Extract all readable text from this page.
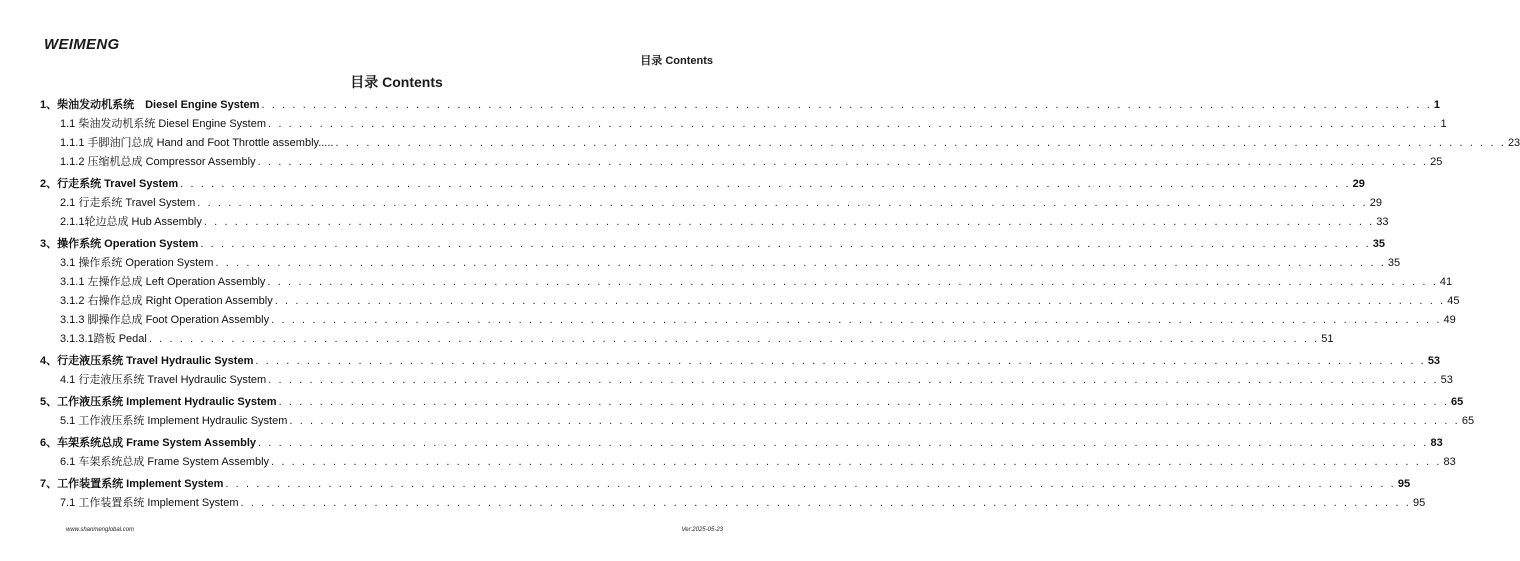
WEIMENG
目录 Contents
目录 Contents
1、柴油发动机系统　Diesel Engine System . . . . . . . . . . . . . . . . . . . . . . . . . . . . . . . . . . . . . . . . . . . . . . . . . . . . . . . . . . . . . . . . . . . . . . . . . . . . . . . . . . . . . . . . . . . . . . . . . . . . . . . . . . . . . . . . . . 1
1.1 柴油发动机系统 Diesel Engine System . . . . . . . . . . . . . . . . . . . . . . . . . . . . . . . . . . . . . . . . . . . . . . . . . . . . . . . . . . . . . . . . . . . . . . . . . . . . . . . . . . . . . . . . . . . . . . . . . . . . . . . . . . . . . . . . . . 1
1.1.1 手脚油门总成 Hand and Foot Throttle assembly..... . . . . . . . . . . . . . . . . . . . . . . . . . . . . . . . . . . . . . . . . . . . . . . . . . . . . . . . . . . . . . . . . . . . . . . . . . . . . . . . . . . . . . . . . . . . . . . . . . . . . . . . . . . . . . . . . . . 23
1.1.2 压缩机总成 Compressor Assembly . . . . . . . . . . . . . . . . . . . . . . . . . . . . . . . . . . . . . . . . . . . . . . . . . . . . . . . . . . . . . . . . . . . . . . . . . . . . . . . . . . . . . . . . . . . . . . . . . . . . . . . . . . . . . . . . . . 25
2、行走系统 Travel System . . . . . . . . . . . . . . . . . . . . . . . . . . . . . . . . . . . . . . . . . . . . . . . . . . . . . . . . . . . . . . . . . . . . . . . . . . . . . . . . . . . . . . . . . . . . . . . . . . . . . . . . . . . . . . . . . . 29
2.1 行走系统 Travel System . . . . . . . . . . . . . . . . . . . . . . . . . . . . . . . . . . . . . . . . . . . . . . . . . . . . . . . . . . . . . . . . . . . . . . . . . . . . . . . . . . . . . . . . . . . . . . . . . . . . . . . . . . . . . . . . . . 29
2.1.1轮边总成 Hub Assembly . . . . . . . . . . . . . . . . . . . . . . . . . . . . . . . . . . . . . . . . . . . . . . . . . . . . . . . . . . . . . . . . . . . . . . . . . . . . . . . . . . . . . . . . . . . . . . . . . . . . . . . . . . . . . . . . . . 33
3、操作系统 Operation System . . . . . . . . . . . . . . . . . . . . . . . . . . . . . . . . . . . . . . . . . . . . . . . . . . . . . . . . . . . . . . . . . . . . . . . . . . . . . . . . . . . . . . . . . . . . . . . . . . . . . . . . . . . . . . . . . . 35
3.1 操作系统 Operation System . . . . . . . . . . . . . . . . . . . . . . . . . . . . . . . . . . . . . . . . . . . . . . . . . . . . . . . . . . . . . . . . . . . . . . . . . . . . . . . . . . . . . . . . . . . . . . . . . . . . . . . . . . . . . . . . . . 35
3.1.1 左操作总成 Left Operation Assembly . . . . . . . . . . . . . . . . . . . . . . . . . . . . . . . . . . . . . . . . . . . . . . . . . . . . . . . . . . . . . . . . . . . . . . . . . . . . . . . . . . . . . . . . . . . . . . . . . . . . . . . . . . . . . . . . . . 41
3.1.2 右操作总成 Right Operation Assembly . . . . . . . . . . . . . . . . . . . . . . . . . . . . . . . . . . . . . . . . . . . . . . . . . . . . . . . . . . . . . . . . . . . . . . . . . . . . . . . . . . . . . . . . . . . . . . . . . . . . . . . . . . . . . . . . . . 45
3.1.3 脚操作总成 Foot Operation Assembly . . . . . . . . . . . . . . . . . . . . . . . . . . . . . . . . . . . . . . . . . . . . . . . . . . . . . . . . . . . . . . . . . . . . . . . . . . . . . . . . . . . . . . . . . . . . . . . . . . . . . . . . . . . . . . . . . . 49
3.1.3.1踏板 Pedal . . . . . . . . . . . . . . . . . . . . . . . . . . . . . . . . . . . . . . . . . . . . . . . . . . . . . . . . . . . . . . . . . . . . . . . . . . . . . . . . . . . . . . . . . . . . . . . . . . . . . . . . . . . . . . . . . . 51
4、行走液压系统 Travel Hydraulic System . . . . . . . . . . . . . . . . . . . . . . . . . . . . . . . . . . . . . . . . . . . . . . . . . . . . . . . . . . . . . . . . . . . . . . . . . . . . . . . . . . . . . . . . . . . . . . . . . . . . . . . . . . . . . . . . . . 53
4.1 行走液压系统 Travel Hydraulic System . . . . . . . . . . . . . . . . . . . . . . . . . . . . . . . . . . . . . . . . . . . . . . . . . . . . . . . . . . . . . . . . . . . . . . . . . . . . . . . . . . . . . . . . . . . . . . . . . . . . . . . . . . . . . . . . . . 53
5、工作液压系统 Implement Hydraulic System . . . . . . . . . . . . . . . . . . . . . . . . . . . . . . . . . . . . . . . . . . . . . . . . . . . . . . . . . . . . . . . . . . . . . . . . . . . . . . . . . . . . . . . . . . . . . . . . . . . . . . . . . . . . . . . . . . 65
5.1 工作液压系统 Implement Hydraulic System . . . . . . . . . . . . . . . . . . . . . . . . . . . . . . . . . . . . . . . . . . . . . . . . . . . . . . . . . . . . . . . . . . . . . . . . . . . . . . . . . . . . . . . . . . . . . . . . . . . . . . . . . . . . . . . . . . 65
6、车架系统总成 Frame System Assembly . . . . . . . . . . . . . . . . . . . . . . . . . . . . . . . . . . . . . . . . . . . . . . . . . . . . . . . . . . . . . . . . . . . . . . . . . . . . . . . . . . . . . . . . . . . . . . . . . . . . . . . . . . . . . . . . . . 83
6.1 车架系统总成 Frame System Assembly . . . . . . . . . . . . . . . . . . . . . . . . . . . . . . . . . . . . . . . . . . . . . . . . . . . . . . . . . . . . . . . . . . . . . . . . . . . . . . . . . . . . . . . . . . . . . . . . . . . . . . . . . . . . . . . . . . 83
7、工作装置系统 Implement System . . . . . . . . . . . . . . . . . . . . . . . . . . . . . . . . . . . . . . . . . . . . . . . . . . . . . . . . . . . . . . . . . . . . . . . . . . . . . . . . . . . . . . . . . . . . . . . . . . . . . . . . . . . . . . . . . . 95
7.1 工作装置系统 Implement System . . . . . . . . . . . . . . . . . . . . . . . . . . . . . . . . . . . . . . . . . . . . . . . . . . . . . . . . . . . . . . . . . . . . . . . . . . . . . . . . . . . . . . . . . . . . . . . . . . . . . . . . . . . . . . . . . . 95
www.shanmenglobal.com	Ver:2025-05-23
